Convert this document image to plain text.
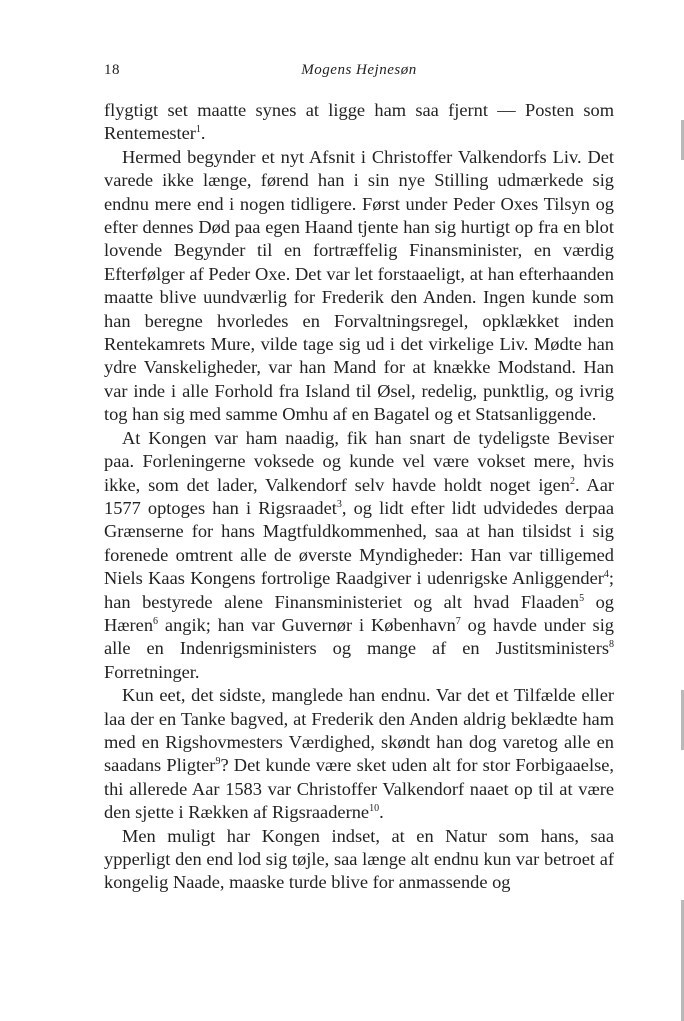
18	Mogens Hejnesøn

flygtigt set maatte synes at ligge ham saa fjernt — Posten som Rentemester$^1$.

Hermed begynder et nyt Afsnit i Christoffer Valkendorfs Liv. Det varede ikke længe, førend han i sin nye Stilling udmærkede sig endnu mere end i nogen tidligere. Først under Peder Oxes Tilsyn og efter dennes Død paa egen Haand tjente han sig hurtigt op fra en blot lovende Begynder til en fortræffelig Finansminister, en værdig Efterfølger af Peder Oxe. Det var let forstaaeligt, at han efterhaanden maatte blive uundværlig for Frederik den Anden. Ingen kunde som han beregne hvorledes en Forvaltningsregel, opklækket inden Rentekamrets Mure, vilde tage sig ud i det virkelige Liv. Mødte han ydre Vanskeligheder, var han Mand for at knække Modstand. Han var inde i alle Forhold fra Island til Øsel, redelig, punktlig, og ivrig tog han sig med samme Omhu af en Bagatel og et Statsanliggende.

At Kongen var ham naadig, fik han snart de tydeligste Beviser paa. Forleningerne voksede og kunde vel være vokset mere, hvis ikke, som det lader, Valkendorf selv havde holdt noget igen$^2$. Aar 1577 optoges han i Rigsraadet$^3$, og lidt efter lidt udvidedes derpaa Grænserne for hans Magtfuldkommenhed, saa at han tilsidst i sig forenede omtrent alle de øverste Myndigheder: Han var tilligemed Niels Kaas Kongens fortrolige Raadgiver i udenrigske Anliggender$^4$; han bestyrede alene Finansministeriet og alt hvad Flaaden$^5$ og Hæren$^6$ angik; han var Guvernør i København$^7$ og havde under sig alle en Indenrigsministers og mange af en Justitsministers$^8$ Forretninger.

Kun eet, det sidste, manglede han endnu. Var det et Tilfælde eller laa der en Tanke bagved, at Frederik den Anden aldrig beklædte ham med en Rigshovmesters Værdighed, skøndt han dog varetog alle en saadans Pligter$^9$? Det kunde være sket uden alt for stor Forbigaaelse, thi allerede Aar 1583 var Christoffer Valkendorf naaet op til at være den sjette i Rækken af Rigsraaderne$^{10}$.

Men muligt har Kongen indset, at en Natur som hans, saa ypperligt den end lod sig tøjle, saa længe alt endnu kun var betroet af kongelig Naade, maaske turde blive for anmassende og
